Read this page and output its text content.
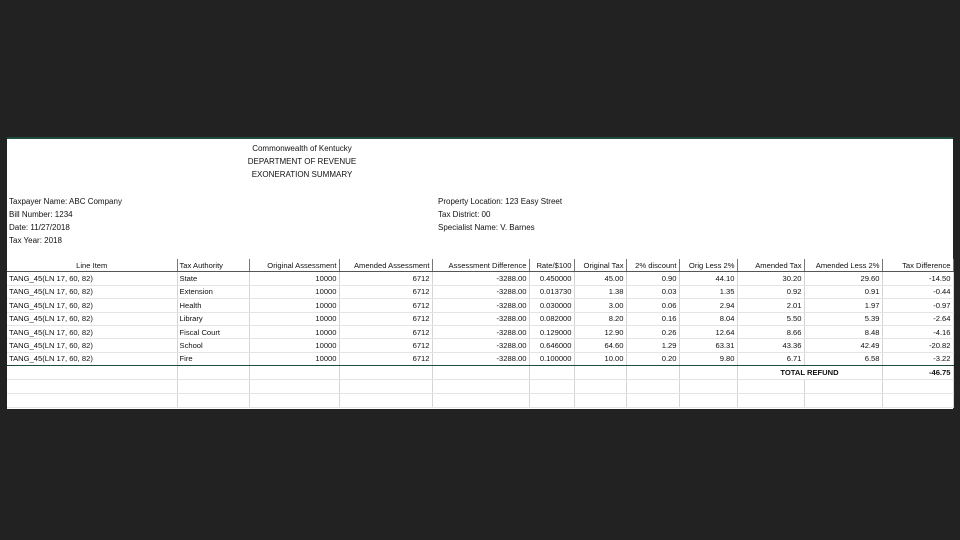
Commonwealth of Kentucky
DEPARTMENT OF REVENUE
EXONERATION SUMMARY
Taxpayer Name: ABC Company
Bill Number: 1234
Date: 11/27/2018
Tax Year: 2018
Property Location: 123 Easy Street
Tax District: 00
Specialist Name: V. Barnes
Line Item	Tax Authority	Original Assessment	Amended Assessment	Assessment Difference	Rate/$100	Original Tax	2% discount	Orig Less 2%	Amended Tax	Amended Less 2%	Tax Difference
TANG_45(LN 17, 60, 82)	State	10000	6712	-3288.00	0.450000	45.00	0.90	44.10	30.20	29.60	-14.50
TANG_45(LN 17, 60, 82)	Extension	10000	6712	-3288.00	0.013730	1.38	0.03	1.35	0.92	0.91	-0.44
TANG_45(LN 17, 60, 82)	Health	10000	6712	-3288.00	0.030000	3.00	0.06	2.94	2.01	1.97	-0.97
TANG_45(LN 17, 60, 82)	Library	10000	6712	-3288.00	0.082000	8.20	0.16	8.04	5.50	5.39	-2.64
TANG_45(LN 17, 60, 82)	Fiscal Court	10000	6712	-3288.00	0.129000	12.90	0.26	12.64	8.66	8.48	-4.16
TANG_45(LN 17, 60, 82)	School	10000	6712	-3288.00	0.646000	64.60	1.29	63.31	43.36	42.49	-20.82
TANG_45(LN 17, 60, 82)	Fire	10000	6712	-3288.00	0.100000	10.00	0.20	9.80	6.71	6.58	-3.22
									TOTAL REFUND		-46.75
